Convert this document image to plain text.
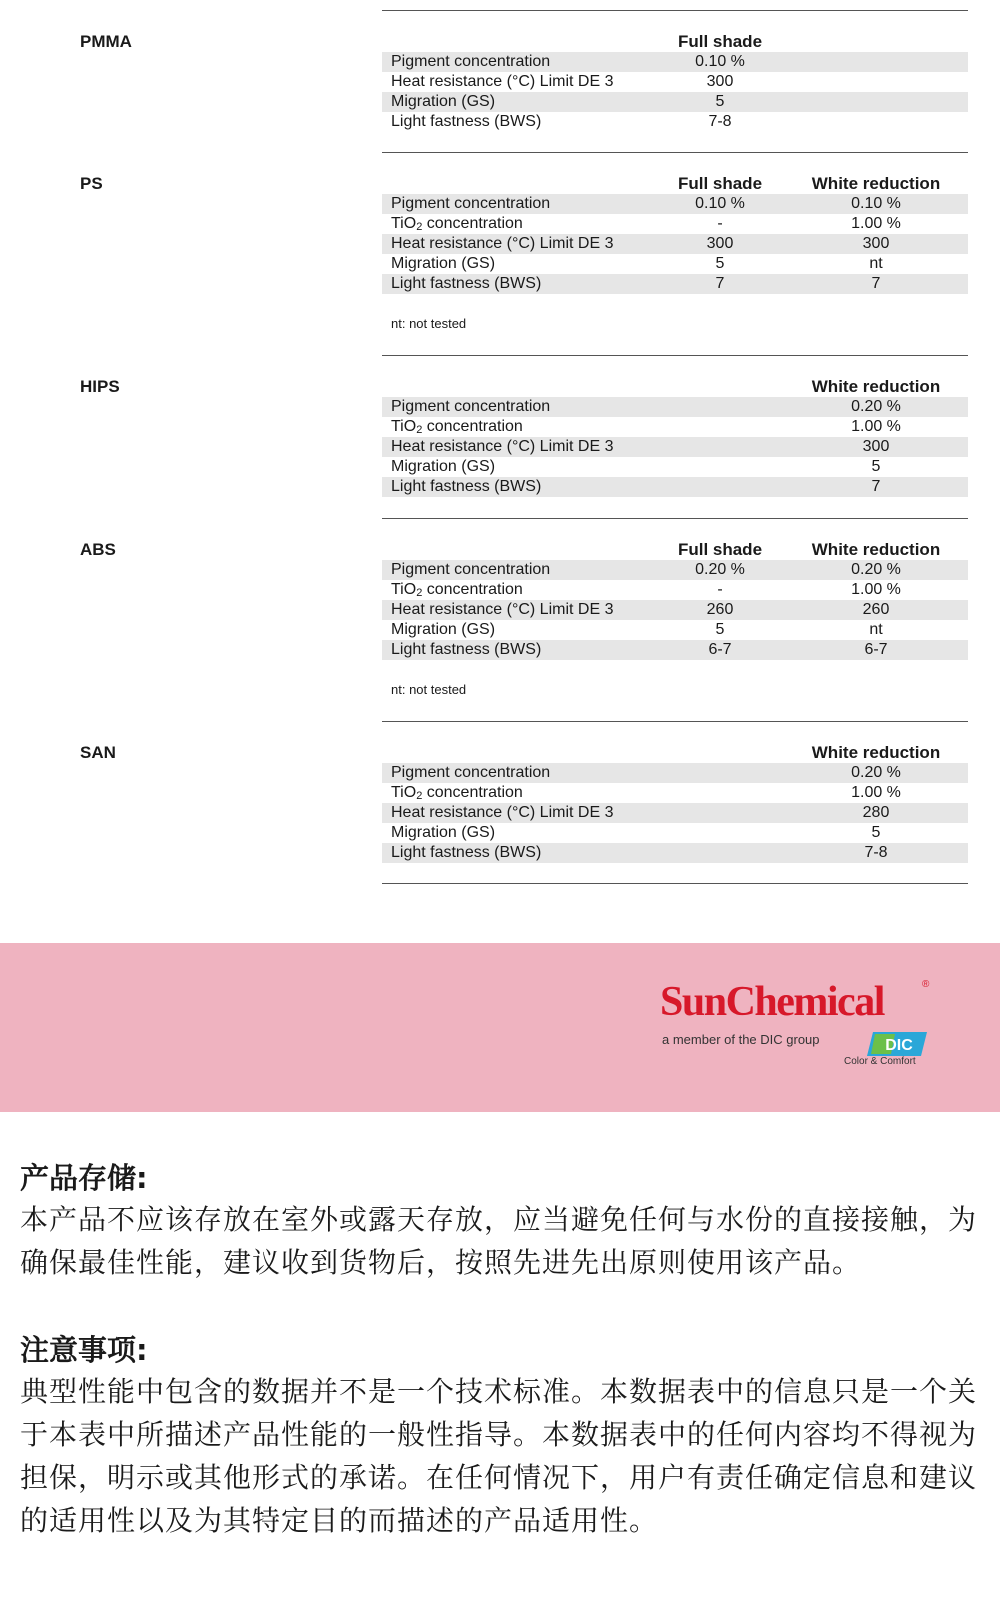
PMMA	Full shade
Pigment concentration	0.10 %
Heat resistance (°C) Limit DE 3	300
Migration (GS)	5
Light fastness (BWS)	7-8
PS	Full shade	White reduction
Pigment concentration	0.10 %	0.10 %
TiO2 concentration	-	1.00 %
Heat resistance (°C) Limit DE 3	300	300
Migration (GS)	5	nt
Light fastness (BWS)	7	7
nt: not tested
HIPS	White reduction
Pigment concentration	0.20 %
TiO2 concentration	1.00 %
Heat resistance (°C) Limit DE 3	300
Migration (GS)	5
Light fastness (BWS)	7
ABS	Full shade	White reduction
Pigment concentration	0.20 %	0.20 %
TiO2 concentration	-	1.00 %
Heat resistance (°C) Limit DE 3	260	260
Migration (GS)	5	nt
Light fastness (BWS)	6-7	6-7
nt: not tested
SAN	White reduction
Pigment concentration	0.20 %
TiO2 concentration	1.00 %
Heat resistance (°C) Limit DE 3	280
Migration (GS)	5
Light fastness (BWS)	7-8
SunChemical	®
a member of the DIC group	DIC
Color & Comfort
产品存储:
本产品不应该存放在室外或露天存放，应当避免任何与水份的直接接触，为确保最佳性能，建议收到货物后，按照先进先出原则使用该产品。
注意事项:
典型性能中包含的数据并不是一个技术标准。本数据表中的信息只是一个关于本表中所描述产品性能的一般性指导。本数据表中的任何内容均不得视为担保，明示或其他形式的承诺。在任何情况下，用户有责任确定信息和建议的适用性以及为其特定目的而描述的产品适用性。
